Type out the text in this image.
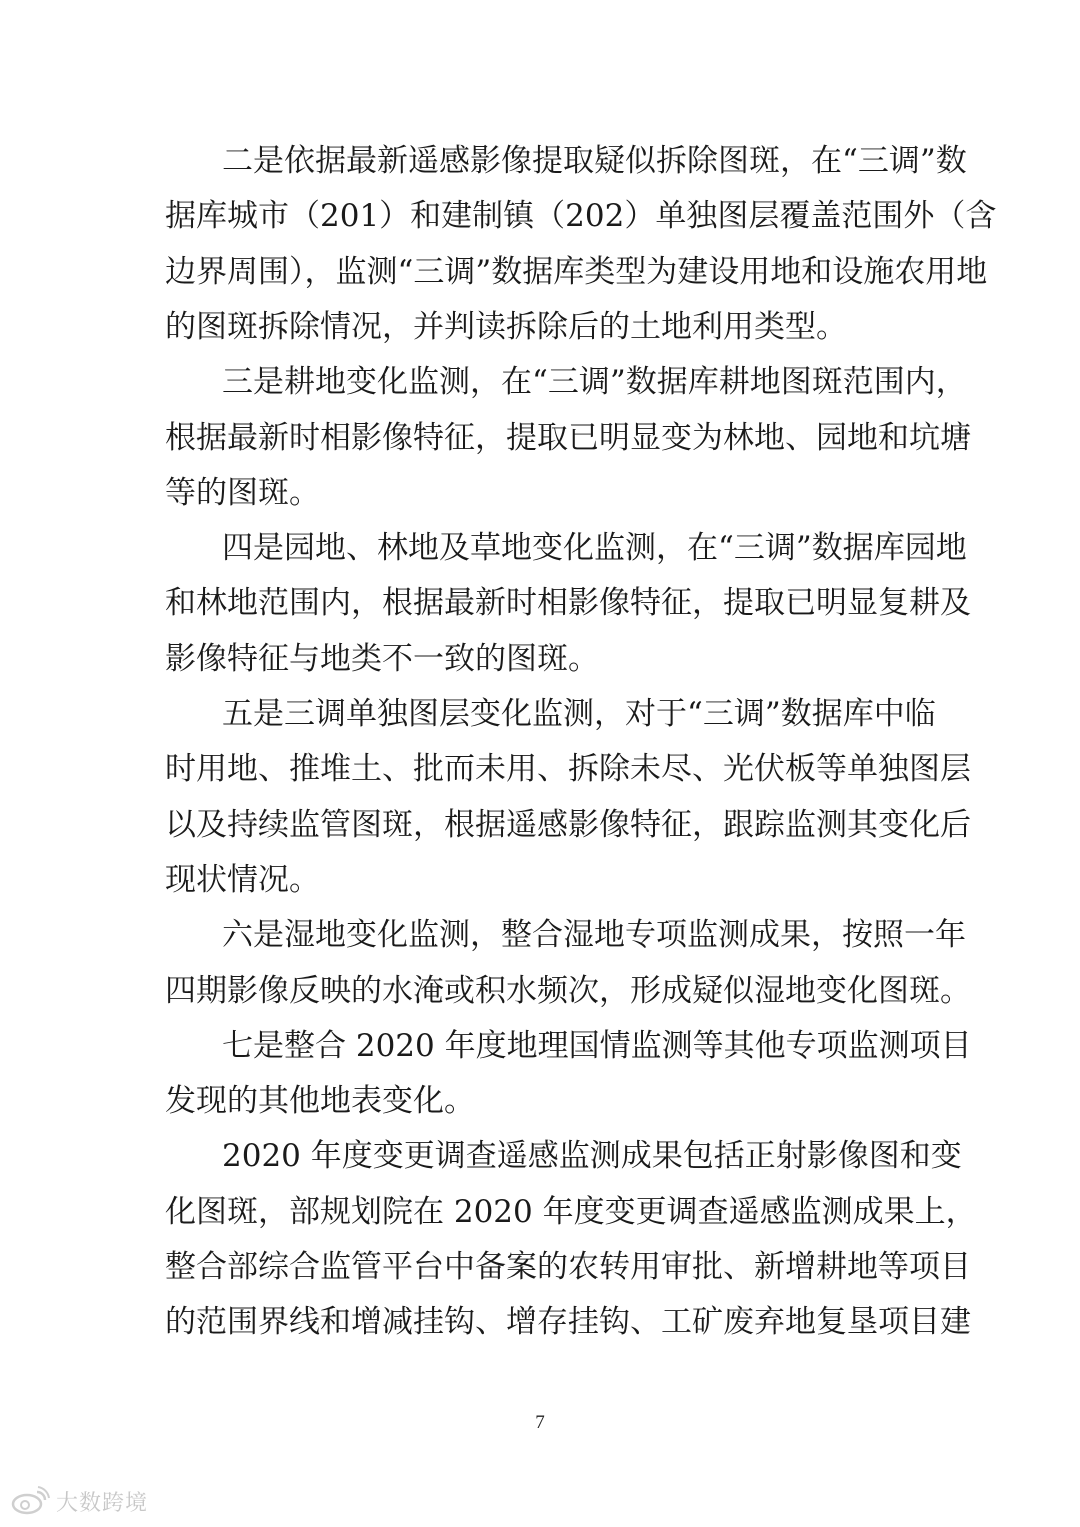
二是依据最新遥感影像提取疑似拆除图斑，在“三调”数
据库城市（201）和建制镇（202）单独图层覆盖范围外（含
边界周围），监测“三调”数据库类型为建设用地和设施农用地
的图斑拆除情况，并判读拆除后的土地利用类型。
三是耕地变化监测，在“三调”数据库耕地图斑范围内，
根据最新时相影像特征，提取已明显变为林地、园地和坑塘
等的图斑。
四是园地、林地及草地变化监测，在“三调”数据库园地
和林地范围内，根据最新时相影像特征，提取已明显复耕及
影像特征与地类不一致的图斑。
五是三调单独图层变化监测，对于“三调”数据库中临
时用地、推堆土、批而未用、拆除未尽、光伏板等单独图层
以及持续监管图斑，根据遥感影像特征，跟踪监测其变化后
现状情况。
六是湿地变化监测，整合湿地专项监测成果，按照一年
四期影像反映的水淹或积水频次，形成疑似湿地变化图斑。
七是整合 2020 年度地理国情监测等其他专项监测项目
发现的其他地表变化。
2020 年度变更调查遥感监测成果包括正射影像图和变
化图斑，部规划院在 2020 年度变更调查遥感监测成果上，
整合部综合监管平台中备案的农转用审批、新增耕地等项目
的范围界线和增减挂钩、增存挂钩、工矿废弃地复垦项目建
7
大数跨境
